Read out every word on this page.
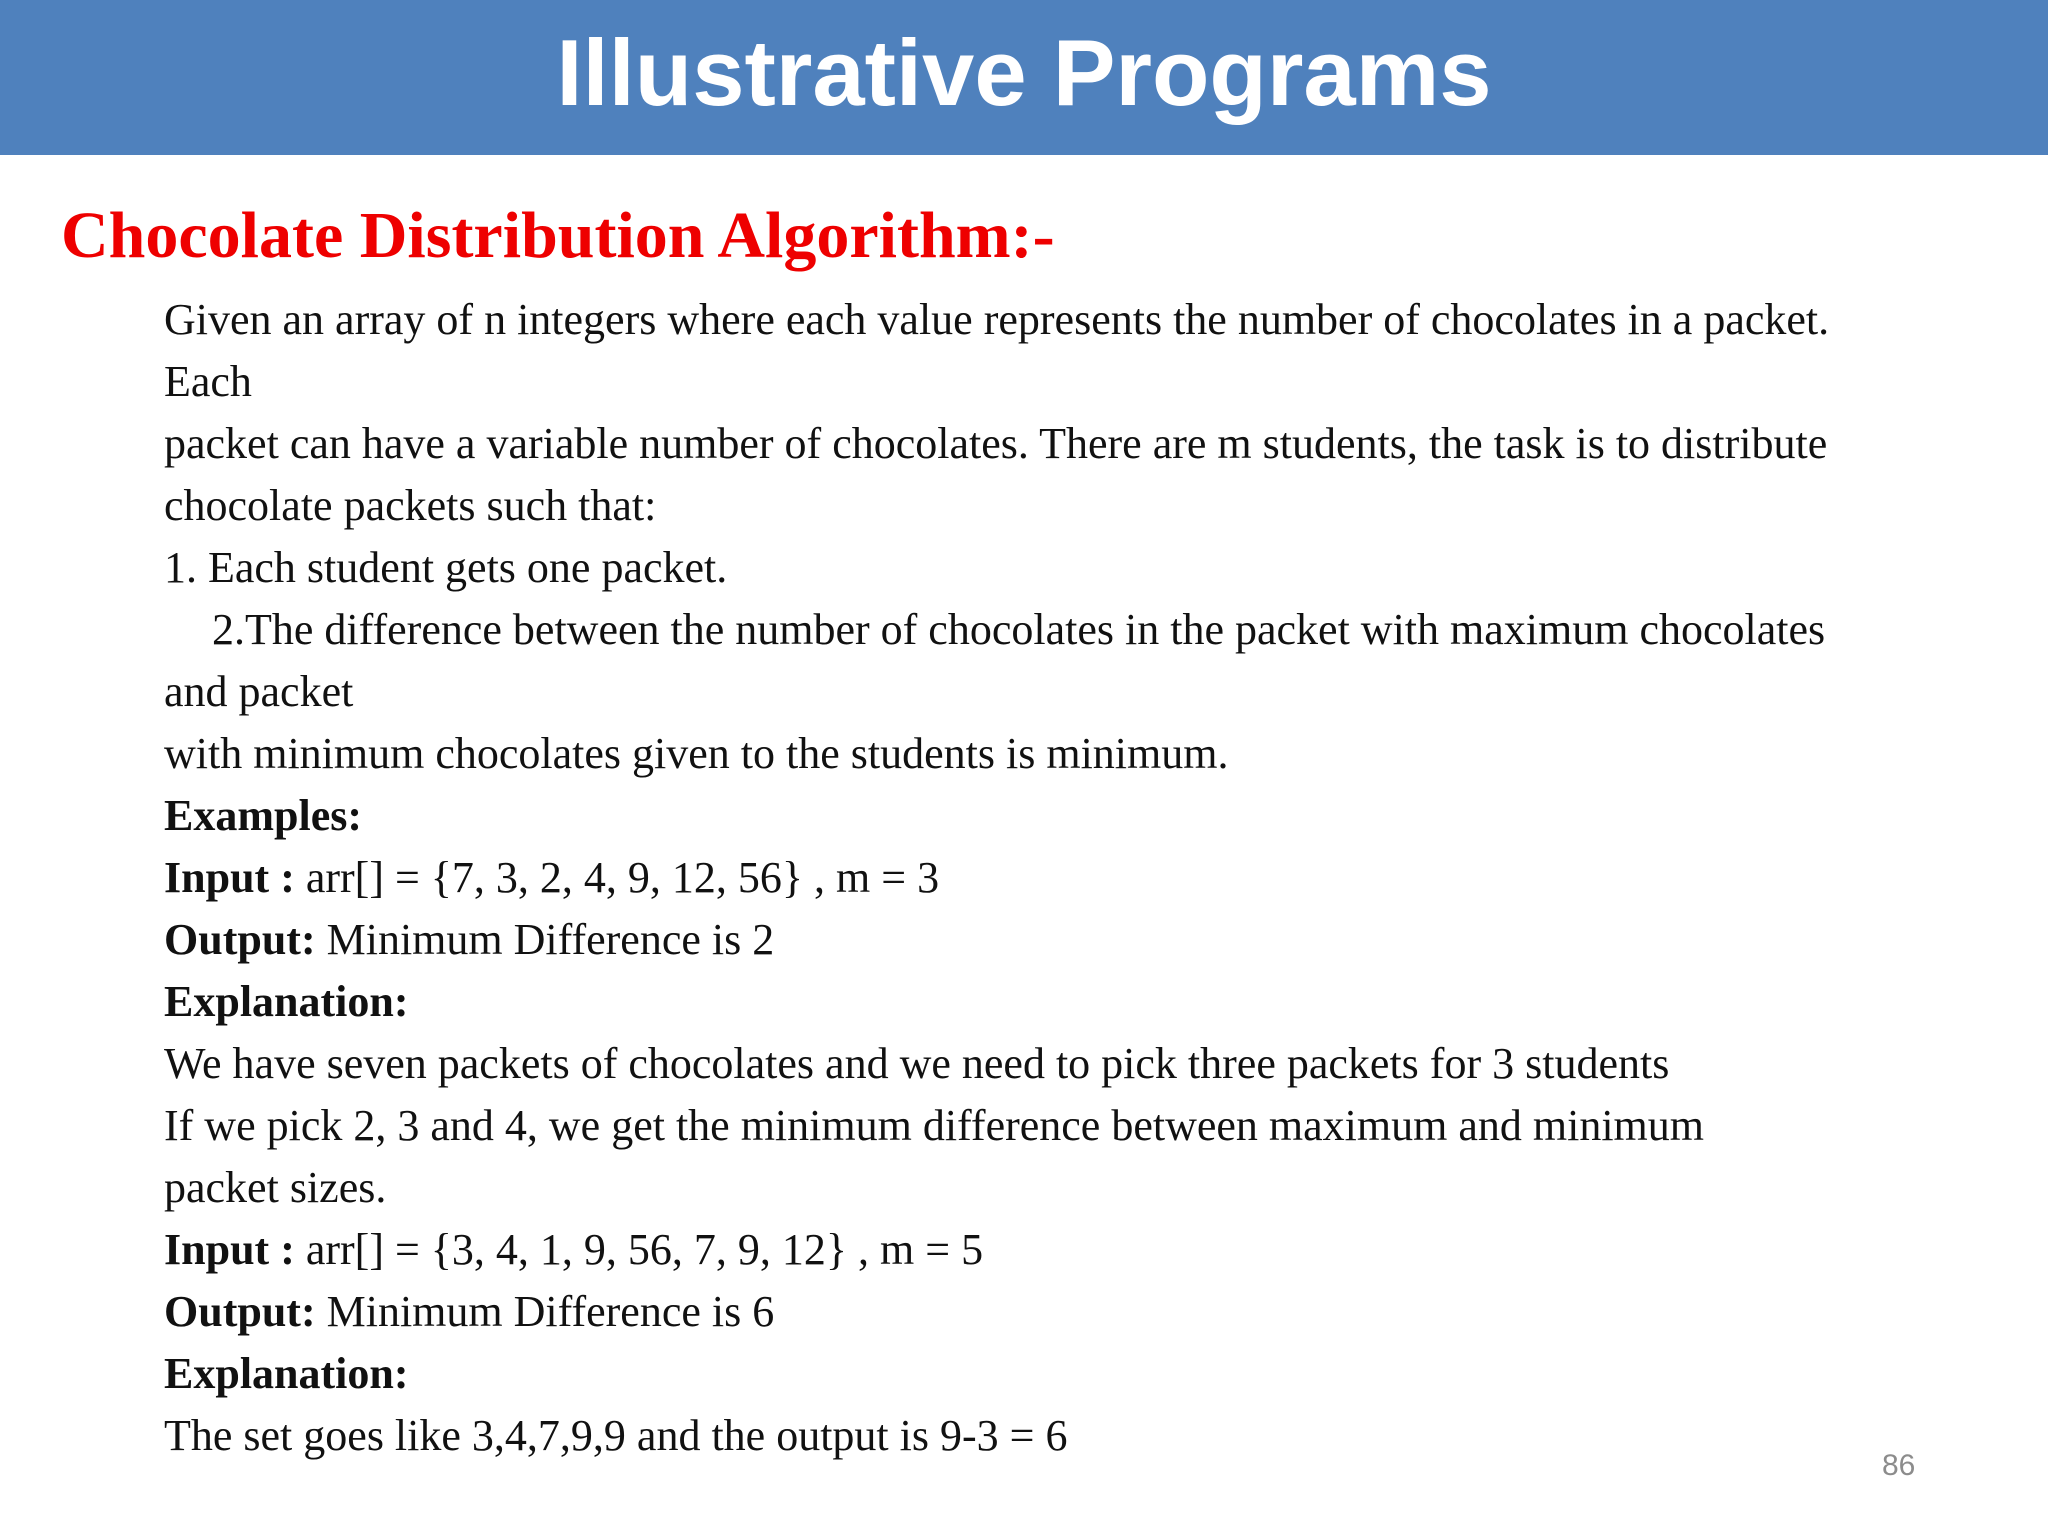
Illustrative Programs
Chocolate Distribution Algorithm:-
Given an array of n integers where each value represents the number of chocolates in a packet.
Each
packet can have a variable number of chocolates. There are m students, the task is to distribute
chocolate packets such that:
1. Each student gets one packet.
2.The difference between the number of chocolates in the packet with maximum chocolates
and packet
with minimum chocolates given to the students is minimum.
Examples:
Input : arr[] = {7, 3, 2, 4, 9, 12, 56} , m = 3
Output: Minimum Difference is 2
Explanation:
We have seven packets of chocolates and we need to pick three packets for 3 students
If we pick 2, 3 and 4, we get the minimum difference between maximum and minimum
packet sizes.
Input : arr[] = {3, 4, 1, 9, 56, 7, 9, 12} , m = 5
Output: Minimum Difference is 6
Explanation:
The set goes like 3,4,7,9,9 and the output is 9-3 = 6
86
